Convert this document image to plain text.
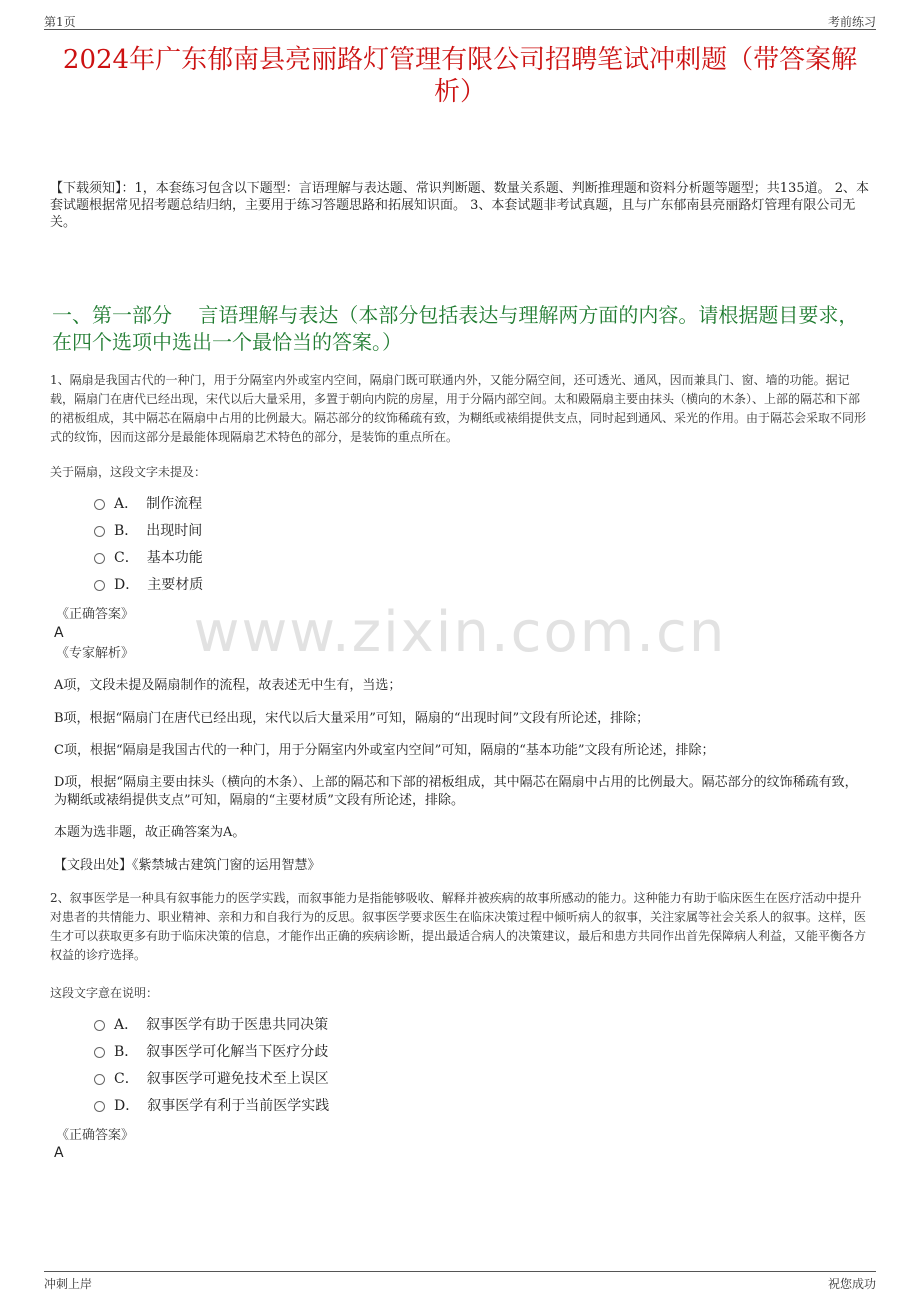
第1页	考前练习
2024年广东郁南县亮丽路灯管理有限公司招聘笔试冲刺题（带答案解析）
【下载须知】：1，本套练习包含以下题型：言语理解与表达题、常识判断题、数量关系题、判断推理题和资料分析题等题型；共135道。 2、本套试题根据常见招考题总结归纳，主要用于练习答题思路和拓展知识面。 3、本套试题非考试真题，且与广东郁南县亮丽路灯管理有限公司无关。
一、第一部分　 言语理解与表达（本部分包括表达与理解两方面的内容。请根据题目要求，在四个选项中选出一个最恰当的答案。）
1、隔扇是我国古代的一种门，用于分隔室内外或室内空间，隔扇门既可联通内外，又能分隔空间，还可透光、通风，因而兼具门、窗、墙的功能。据记载，隔扇门在唐代已经出现，宋代以后大量采用，多置于朝向内院的房屋，用于分隔内部空间。太和殿隔扇主要由抹头（横向的木条）、上部的隔芯和下部的裙板组成，其中隔芯在隔扇中占用的比例最大。隔芯部分的纹饰稀疏有致，为糊纸或裱绢提供支点，同时起到通风、采光的作用。由于隔芯会采取不同形式的纹饰，因而这部分是最能体现隔扇艺术特色的部分，是装饰的重点所在。
关于隔扇，这段文字未提及：
A． 制作流程
B． 出现时间
C． 基本功能
D． 主要材质
《正确答案》
A
《专家解析》
A项，文段未提及隔扇制作的流程，故表述无中生有，当选；
B项，根据“隔扇门在唐代已经出现，宋代以后大量采用”可知，隔扇的“出现时间”文段有所论述，排除；
C项，根据“隔扇是我国古代的一种门，用于分隔室内外或室内空间”可知，隔扇的“基本功能”文段有所论述，排除；
D项，根据“隔扇主要由抹头（横向的木条）、上部的隔芯和下部的裙板组成，其中隔芯在隔扇中占用的比例最大。隔芯部分的纹饰稀疏有致，为糊纸或裱绢提供支点”可知，隔扇的“主要材质”文段有所论述，排除。
本题为选非题，故正确答案为A。
【文段出处】《紫禁城古建筑门窗的运用智慧》
2、叙事医学是一种具有叙事能力的医学实践，而叙事能力是指能够吸收、解释并被疾病的故事所感动的能力。这种能力有助于临床医生在医疗活动中提升对患者的共情能力、职业精神、亲和力和自我行为的反思。叙事医学要求医生在临床决策过程中倾听病人的叙事，关注家属等社会关系人的叙事。这样，医生才可以获取更多有助于临床决策的信息，才能作出正确的疾病诊断，提出最适合病人的决策建议，最后和患方共同作出首先保障病人利益，又能平衡各方权益的诊疗选择。
这段文字意在说明：
A． 叙事医学有助于医患共同决策
B． 叙事医学可化解当下医疗分歧
C． 叙事医学可避免技术至上误区
D． 叙事医学有利于当前医学实践
《正确答案》
A
www.zixin.com.cn
冲刺上岸	祝您成功
